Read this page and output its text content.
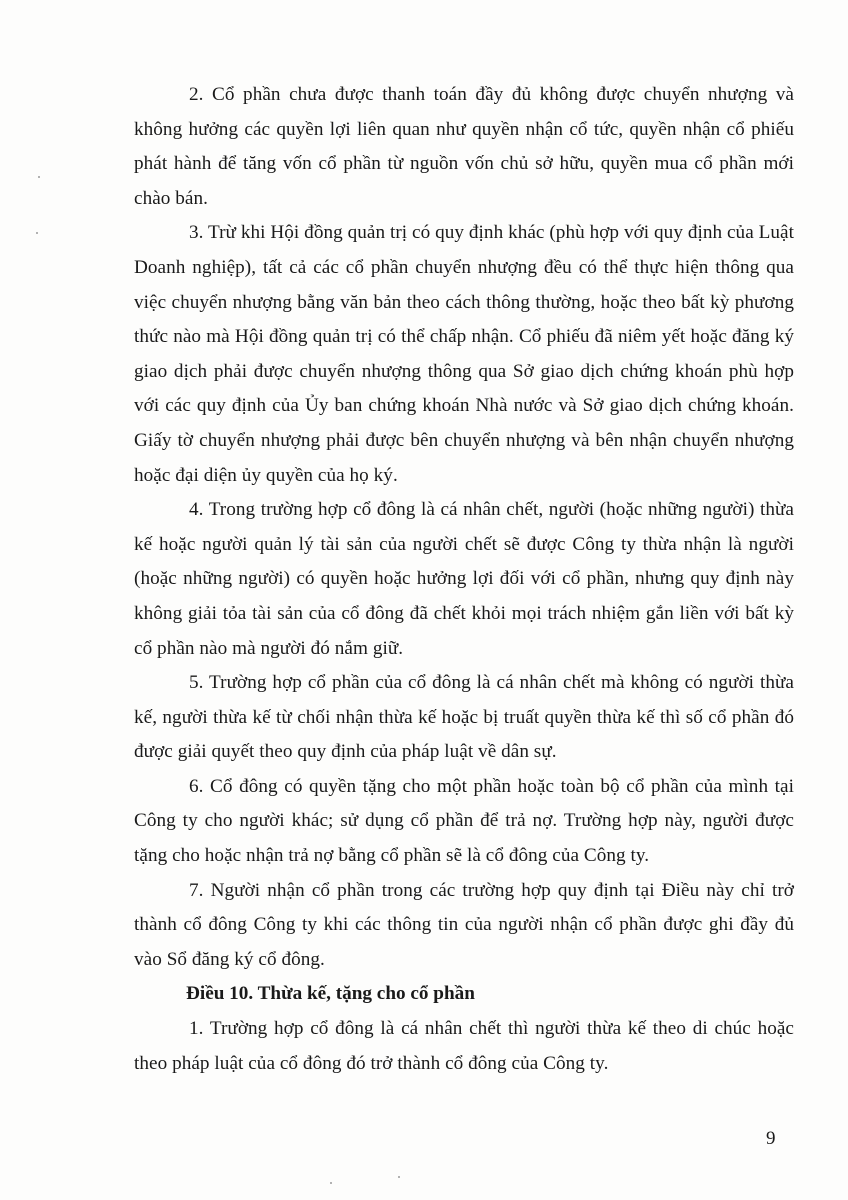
2. Cổ phần chưa được thanh toán đầy đủ không được chuyển nhượng và không hưởng các quyền lợi liên quan như quyền nhận cổ tức, quyền nhận cổ phiếu phát hành để tăng vốn cổ phần từ nguồn vốn chủ sở hữu, quyền mua cổ phần mới chào bán.

3. Trừ khi Hội đồng quản trị có quy định khác (phù hợp với quy định của Luật Doanh nghiệp), tất cả các cổ phần chuyển nhượng đều có thể thực hiện thông qua việc chuyển nhượng bằng văn bản theo cách thông thường, hoặc theo bất kỳ phương thức nào mà Hội đồng quản trị có thể chấp nhận. Cổ phiếu đã niêm yết hoặc đăng ký giao dịch phải được chuyển nhượng thông qua Sở giao dịch chứng khoán phù hợp với các quy định của Ủy ban chứng khoán Nhà nước và Sở giao dịch chứng khoán. Giấy tờ chuyển nhượng phải được bên chuyển nhượng và bên nhận chuyển nhượng hoặc đại diện ủy quyền của họ ký.

4. Trong trường hợp cổ đông là cá nhân chết, người (hoặc những người) thừa kế hoặc người quản lý tài sản của người chết sẽ được Công ty thừa nhận là người (hoặc những người) có quyền hoặc hưởng lợi đối với cổ phần, nhưng quy định này không giải tỏa tài sản của cổ đông đã chết khỏi mọi trách nhiệm gắn liền với bất kỳ cổ phần nào mà người đó nắm giữ.

5. Trường hợp cổ phần của cổ đông là cá nhân chết mà không có người thừa kế, người thừa kế từ chối nhận thừa kế hoặc bị truất quyền thừa kế thì số cổ phần đó được giải quyết theo quy định của pháp luật về dân sự.

6. Cổ đông có quyền tặng cho một phần hoặc toàn bộ cổ phần của mình tại Công ty cho người khác; sử dụng cổ phần để trả nợ. Trường hợp này, người được tặng cho hoặc nhận trả nợ bằng cổ phần sẽ là cổ đông của Công ty.

7. Người nhận cổ phần trong các trường hợp quy định tại Điều này chỉ trở thành cổ đông Công ty khi các thông tin của người nhận cổ phần được ghi đầy đủ vào Sổ đăng ký cổ đông.

Điều 10. Thừa kế, tặng cho cổ phần

1. Trường hợp cổ đông là cá nhân chết thì người thừa kế theo di chúc hoặc theo pháp luật của cổ đông đó trở thành cổ đông của Công ty.

9
